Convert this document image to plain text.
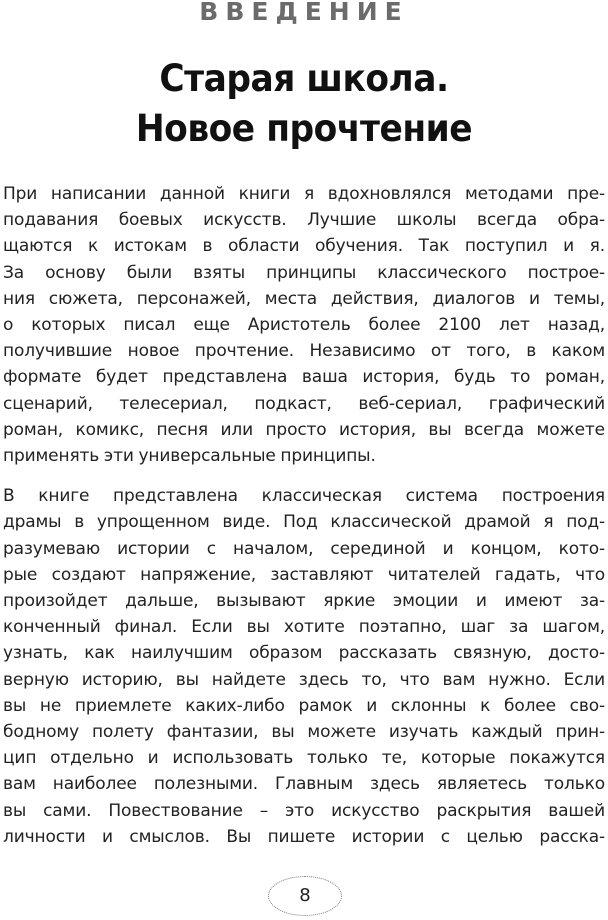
ВВЕДЕНИЕ
Старая школа.
Новое прочтение

При написании данной книги я вдохновлялся методами пре-
подавания боевых искусств. Лучшие школы всегда обра-
щаются к истокам в области обучения. Так поступил и я.
За основу были взяты принципы классического построе-
ния сюжета, персонажей, места действия, диалогов и темы,
о которых писал еще Аристотель более 2100 лет назад,
получившие новое прочтение. Независимо от того, в каком
формате будет представлена ваша история, будь то роман,
сценарий, телесериал, подкаст, веб-сериал, графический
роман, комикс, песня или просто история, вы всегда можете
применять эти универсальные принципы.

В книге представлена классическая система построения
драмы в упрощенном виде. Под классической драмой я под-
разумеваю истории с началом, серединой и концом, кото-
рые создают напряжение, заставляют читателей гадать, что
произойдет дальше, вызывают яркие эмоции и имеют за-
конченный финал. Если вы хотите поэтапно, шаг за шагом,
узнать, как наилучшим образом рассказать связную, досто-
верную историю, вы найдете здесь то, что вам нужно. Если
вы не приемлете каких-либо рамок и склонны к более сво-
бодному полету фантазии, вы можете изучать каждый прин-
цип отдельно и использовать только те, которые покажутся
вам наиболее полезными. Главным здесь являетесь только
вы сами. Повествование – это искусство раскрытия вашей
личности и смыслов. Вы пишете истории с целью расска-

8
